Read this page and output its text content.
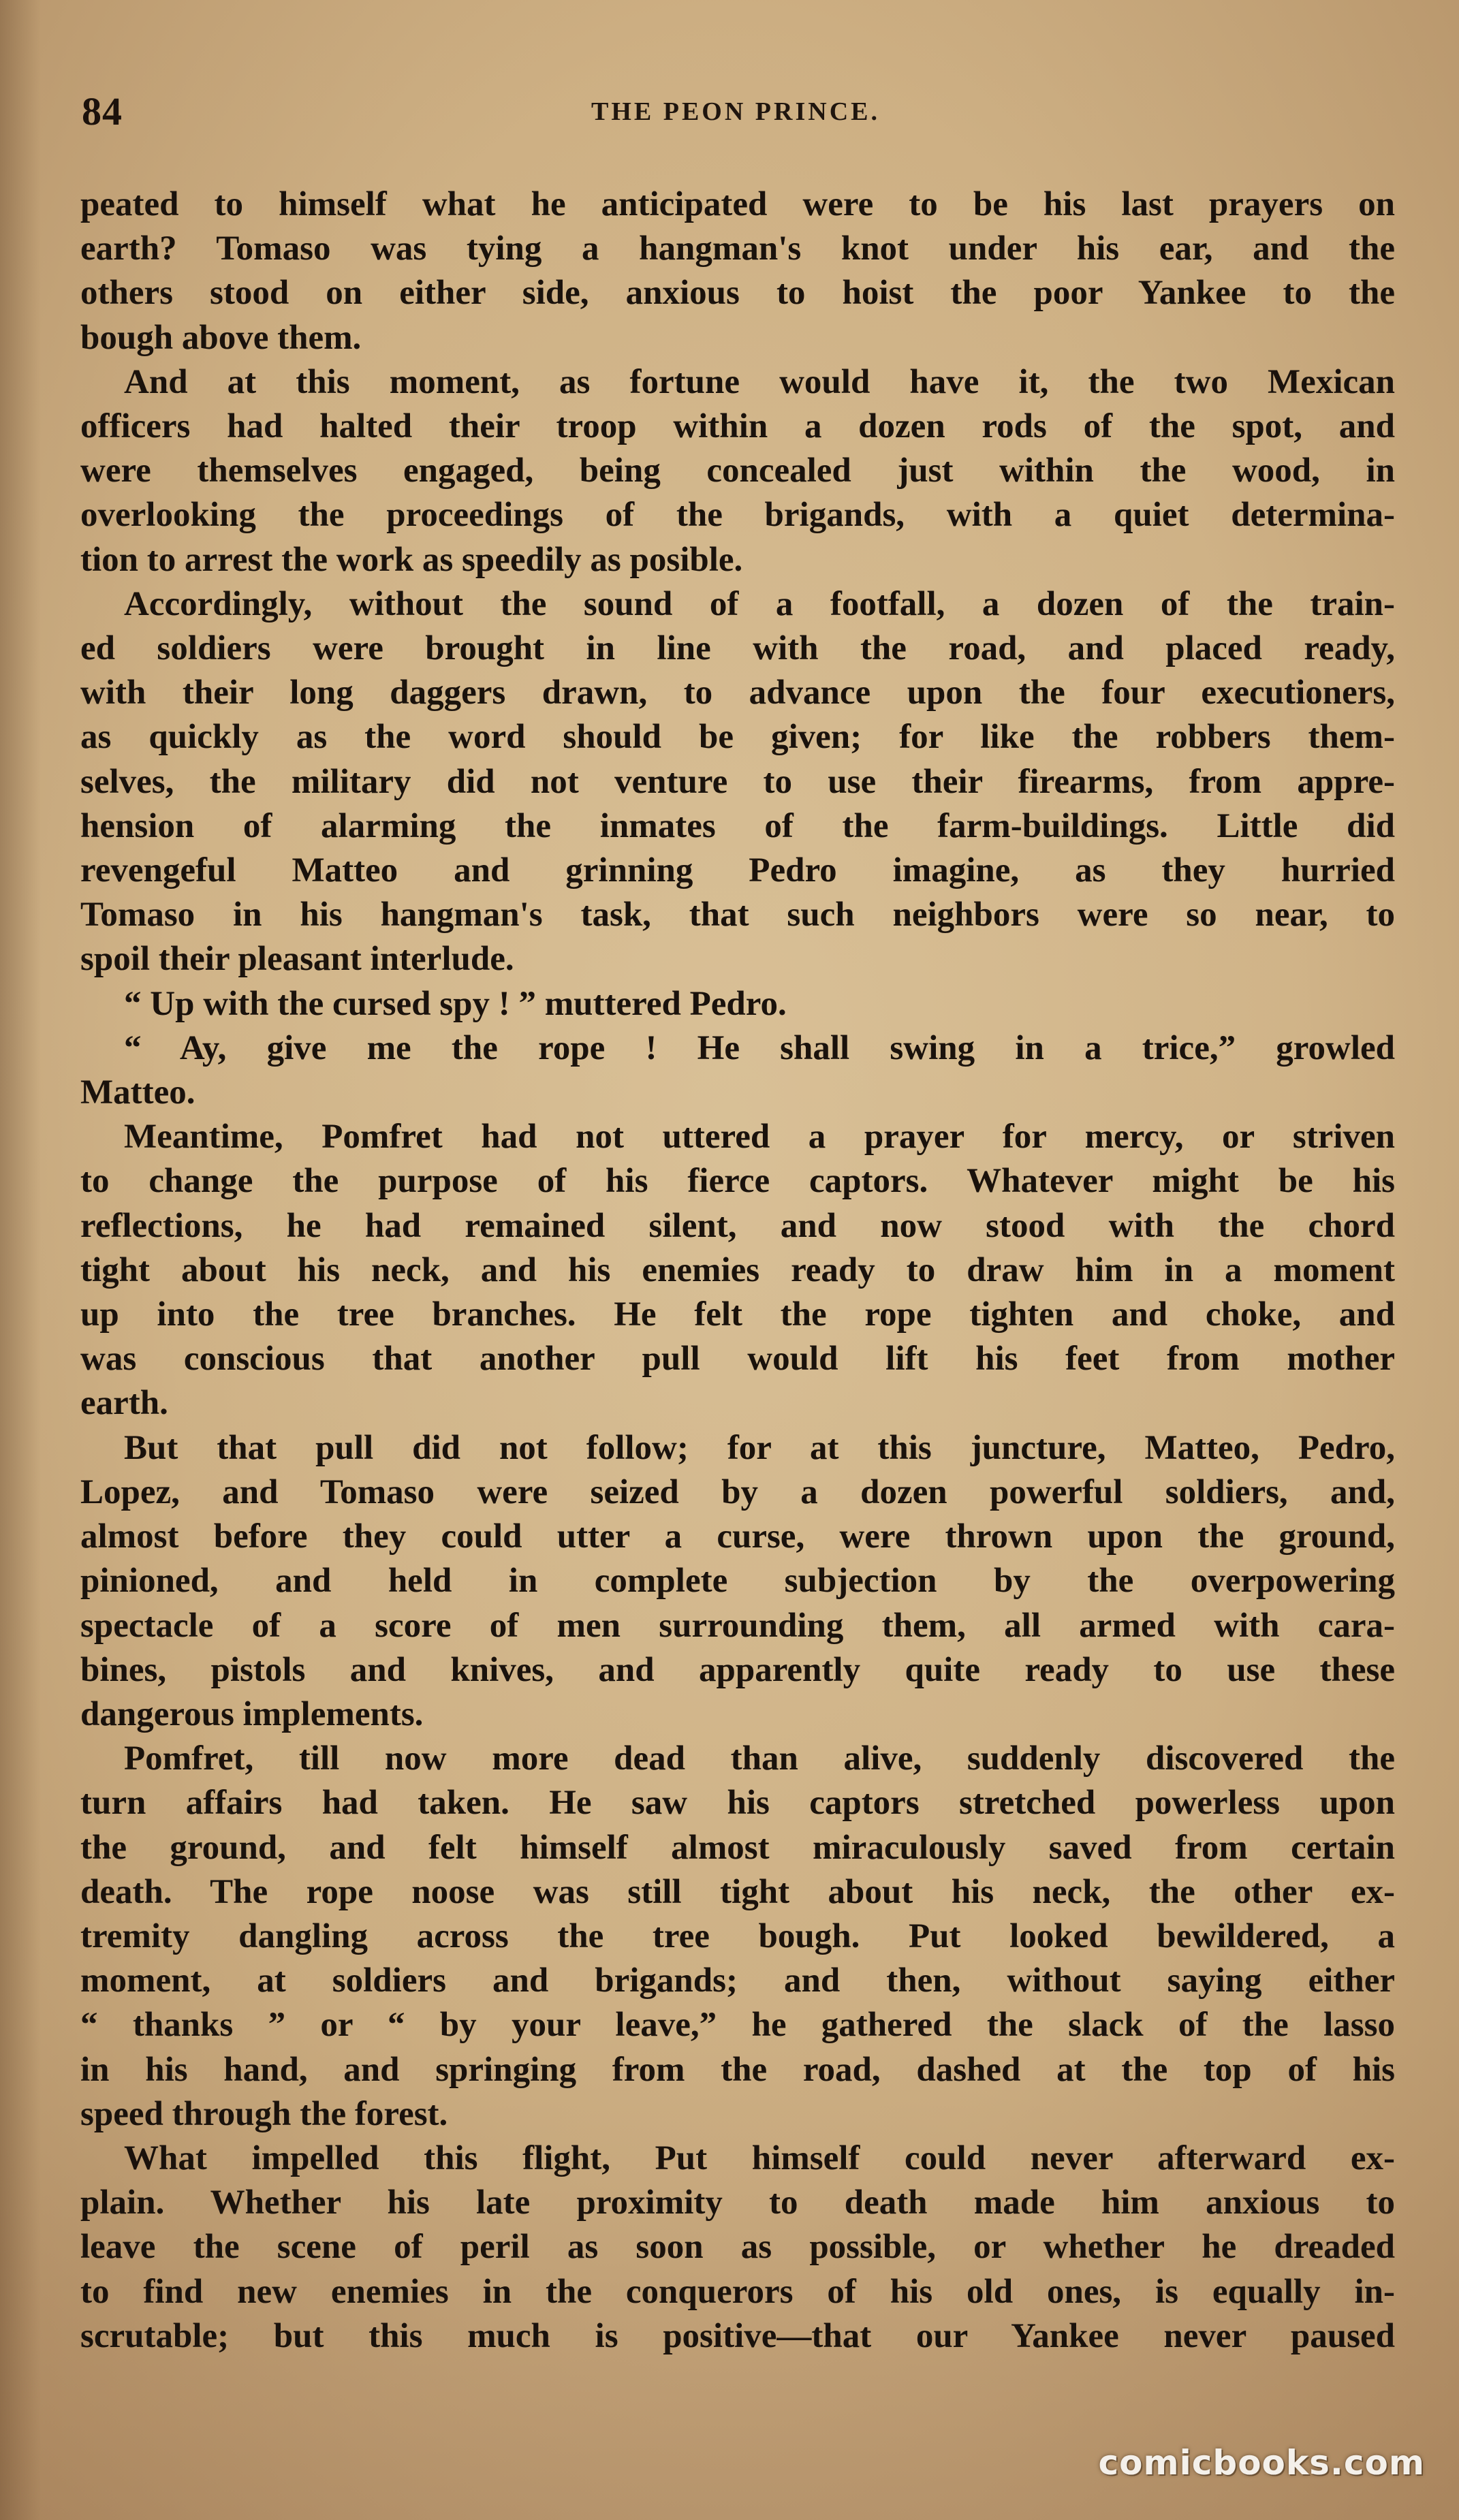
84	THE PEON PRINCE.

peated to himself what he anticipated were to be his last prayers on

earth? Tomaso was tying a hangman's knot under his ear, and the

others stood on either side, anxious to hoist the poor Yankee to the

bough above them.

And at this moment, as fortune would have it, the two Mexican

officers had halted their troop within a dozen rods of the spot, and

were themselves engaged, being concealed just within the wood, in

overlooking the proceedings of the brigands, with a quiet determina-

tion to arrest the work as speedily as posible.

Accordingly, without the sound of a footfall, a dozen of the train-

ed soldiers were brought in line with the road, and placed ready,

with their long daggers drawn, to advance upon the four executioners,

as quickly as the word should be given; for like the robbers them-

selves, the military did not venture to use their firearms, from appre-

hension of alarming the inmates of the farm-buildings. Little did

revengeful Matteo and grinning Pedro imagine, as they hurried

Tomaso in his hangman's task, that such neighbors were so near, to

spoil their pleasant interlude.

“ Up with the cursed spy ! ” muttered Pedro.

“ Ay, give me the rope ! He shall swing in a trice,” growled

Matteo.

Meantime, Pomfret had not uttered a prayer for mercy, or striven

to change the purpose of his fierce captors. Whatever might be his

reflections, he had remained silent, and now stood with the chord

tight about his neck, and his enemies ready to draw him in a moment

up into the tree branches. He felt the rope tighten and choke, and

was conscious that another pull would lift his feet from mother

earth.

But that pull did not follow; for at this juncture, Matteo, Pedro,

Lopez, and Tomaso were seized by a dozen powerful soldiers, and,

almost before they could utter a curse, were thrown upon the ground,

pinioned, and held in complete subjection by the overpowering

spectacle of a score of men surrounding them, all armed with cara-

bines, pistols and knives, and apparently quite ready to use these

dangerous implements.

Pomfret, till now more dead than alive, suddenly discovered the

turn affairs had taken. He saw his captors stretched powerless upon

the ground, and felt himself almost miraculously saved from certain

death. The rope noose was still tight about his neck, the other ex-

tremity dangling across the tree bough. Put looked bewildered, a

moment, at soldiers and brigands; and then, without saying either

“ thanks ” or “ by your leave,” he gathered the slack of the lasso

in his hand, and springing from the road, dashed at the top of his

speed through the forest.

What impelled this flight, Put himself could never afterward ex-

plain. Whether his late proximity to death made him anxious to

leave the scene of peril as soon as possible, or whether he dreaded

to find new enemies in the conquerors of his old ones, is equally in-

scrutable; but this much is positive—that our Yankee never paused

comicbooks.com
